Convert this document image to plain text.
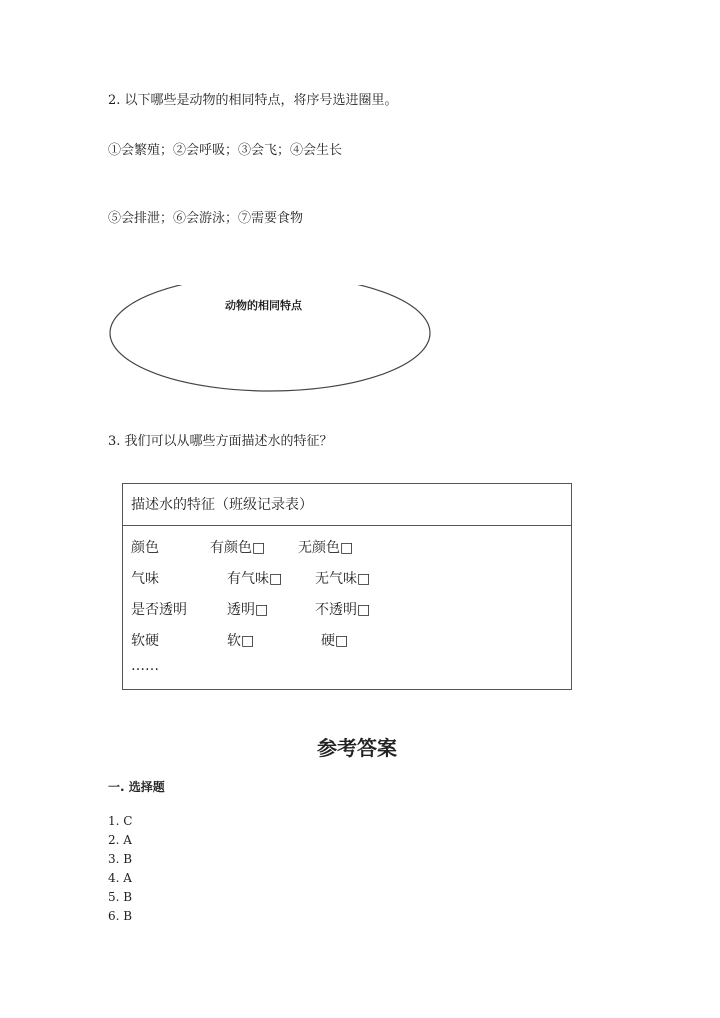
2. 以下哪些是动物的相同特点，将序号选进圈里。
①会繁殖；②会呼吸；③会飞；④会生长
⑤会排泄；⑥会游泳；⑦需要食物
动物的相同特点
3. 我们可以从哪些方面描述水的特征？
描述水的特征（班级记录表）
颜色	有颜色□ 无颜色□
气味	有气味□ 无气味□
是否透明	透明□	不透明□
软硬	软□	硬□
……
参考答案
一. 选择题
1. C
2. A
3. B
4. A
5. B
6. B
